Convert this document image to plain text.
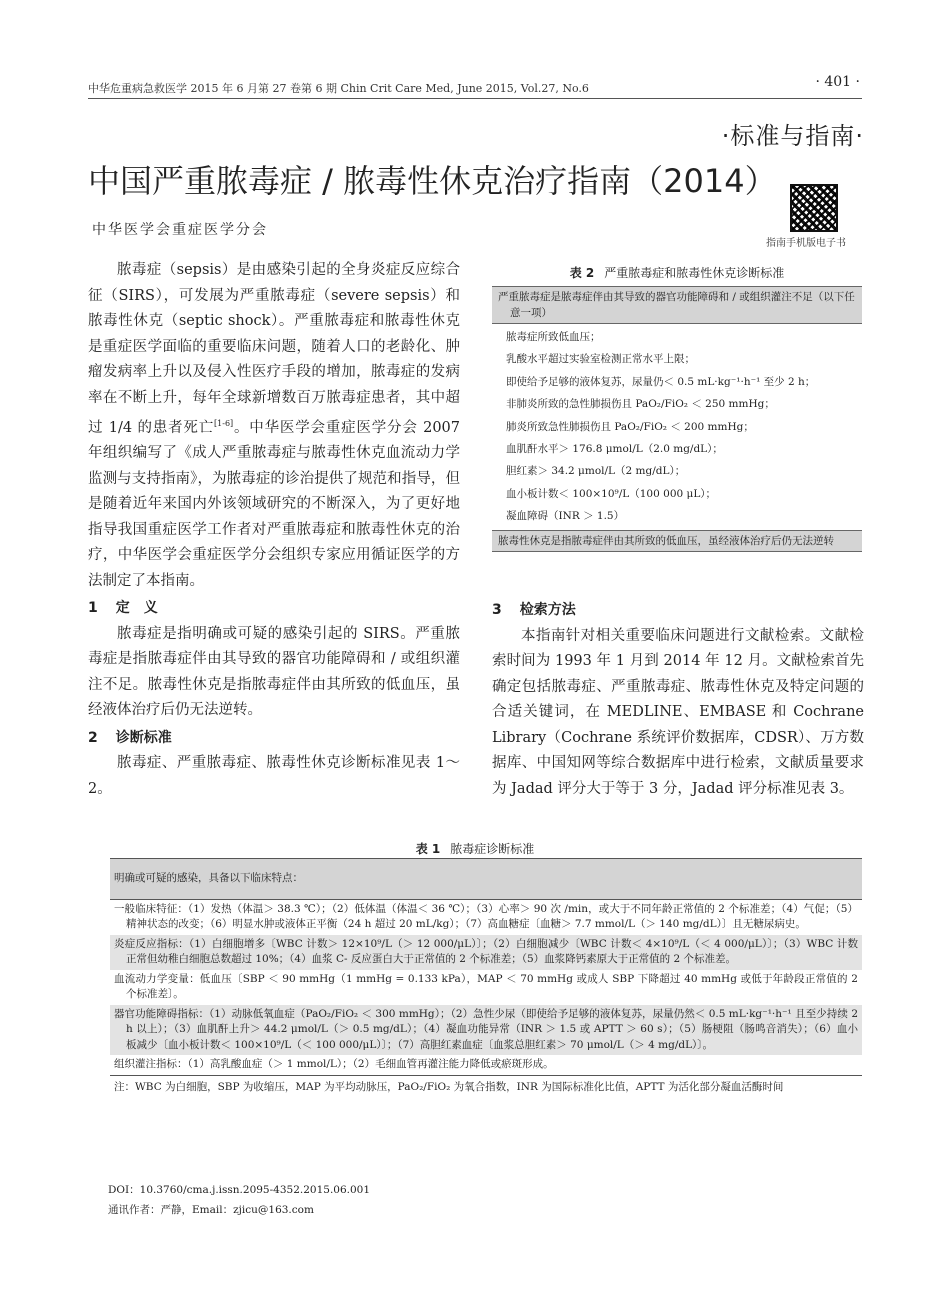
中华危重病急救医学 2015 年 6 月第 27 卷第 6 期 Chin Crit Care Med, June 2015, Vol.27, No.6	· 401 ·
·标准与指南·
中国严重脓毒症 / 脓毒性休克治疗指南（2014）
中华医学会重症医学分会
指南手机版电子书

脓毒症（sepsis）是由感染引起的全身炎症反应综合征（SIRS），可发展为严重脓毒症（severe sepsis）和脓毒性休克（septic shock）。严重脓毒症和脓毒性休克是重症医学面临的重要临床问题，随着人口的老龄化、肿瘤发病率上升以及侵入性医疗手段的增加，脓毒症的发病率在不断上升，每年全球新增数百万脓毒症患者，其中超过 1/4 的患者死亡[1-6]。中华医学会重症医学分会 2007 年组织编写了《成人严重脓毒症与脓毒性休克血流动力学监测与支持指南》，为脓毒症的诊治提供了规范和指导，但是随着近年来国内外该领域研究的不断深入，为了更好地指导我国重症医学工作者对严重脓毒症和脓毒性休克的治疗，中华医学会重症医学分会组织专家应用循证医学的方法制定了本指南。

1 定　义

脓毒症是指明确或可疑的感染引起的 SIRS。严重脓毒症是指脓毒症伴由其导致的器官功能障碍和 / 或组织灌注不足。脓毒性休克是指脓毒症伴由其所致的低血压，虽经液体治疗后仍无法逆转。

2 诊断标准

脓毒症、严重脓毒症、脓毒性休克诊断标准见表 1～2。

表 2 严重脓毒症和脓毒性休克诊断标准
严重脓毒症是脓毒症伴由其导致的器官功能障碍和 / 或组织灌注不足（以下任意一项）
脓毒症所致低血压；
乳酸水平超过实验室检测正常水平上限；
即使给予足够的液体复苏，尿量仍＜ 0.5 mL·kg⁻¹·h⁻¹ 至少 2 h；
非肺炎所致的急性肺损伤且 PaO₂/FiO₂ ＜ 250 mmHg；
肺炎所致急性肺损伤且 PaO₂/FiO₂ ＜ 200 mmHg；
血肌酐水平＞ 176.8 μmol/L（2.0 mg/dL）；
胆红素＞ 34.2 μmol/L（2 mg/dL）；
血小板计数＜ 100×10⁹/L（100 000 μL）；
凝血障碍（INR ＞ 1.5）
脓毒性休克是指脓毒症伴由其所致的低血压，虽经液体治疗后仍无法逆转
3 检索方法

本指南针对相关重要临床问题进行文献检索。文献检索时间为 1993 年 1 月到 2014 年 12 月。文献检索首先确定包括脓毒症、严重脓毒症、脓毒性休克及特定问题的合适关键词，在 MEDLINE、EMBASE 和 Cochrane Library（Cochrane 系统评价数据库，CDSR）、万方数据库、中国知网等综合数据库中进行检索，文献质量要求为 Jadad 评分大于等于 3 分，Jadad 评分标准见表 3。

表 1 脓毒症诊断标准
明确或可疑的感染，具备以下临床特点：
一般临床特征：（1）发热（体温＞ 38.3 ℃）；（2）低体温（体温＜ 36 ℃）；（3）心率＞ 90 次 /min，或大于不同年龄正常值的 2 个标准差；（4）气促；（5）精神状态的改变；（6）明显水肿或液体正平衡（24 h 超过 20 mL/kg）；（7）高血糖症〔血糖＞ 7.7 mmol/L（＞ 140 mg/dL）〕且无糖尿病史。
炎症反应指标：（1）白细胞增多〔WBC 计数＞ 12×10⁹/L（＞ 12 000/μL）〕；（2）白细胞减少〔WBC 计数＜ 4×10⁹/L（＜ 4 000/μL）〕；（3）WBC 计数正常但幼稚白细胞总数超过 10%；（4）血浆 C- 反应蛋白大于正常值的 2 个标准差；（5）血浆降钙素原大于正常值的 2 个标准差。
血流动力学变量：低血压〔SBP ＜ 90 mmHg（1 mmHg = 0.133 kPa），MAP ＜ 70 mmHg 或成人 SBP 下降超过 40 mmHg 或低于年龄段正常值的 2 个标准差〕。
器官功能障碍指标：（1）动脉低氧血症（PaO₂/FiO₂ ＜ 300 mmHg）；（2）急性少尿（即使给予足够的液体复苏，尿量仍然＜ 0.5 mL·kg⁻¹·h⁻¹ 且至少持续 2 h 以上）；（3）血肌酐上升＞ 44.2 μmol/L（＞ 0.5 mg/dL）；（4）凝血功能异常（INR ＞ 1.5 或 APTT ＞ 60 s）；（5）肠梗阻（肠鸣音消失）；（6）血小板减少〔血小板计数＜ 100×10⁹/L（＜ 100 000/μL）〕；（7）高胆红素血症〔血浆总胆红素＞ 70 μmol/L（＞ 4 mg/dL）〕。
组织灌注指标：（1）高乳酸血症（＞ 1 mmol/L）；（2）毛细血管再灌注能力降低或瘀斑形成。
注：WBC 为白细胞，SBP 为收缩压，MAP 为平均动脉压，PaO₂/FiO₂ 为氧合指数，INR 为国际标准化比值，APTT 为活化部分凝血活酶时间
DOI：10.3760/cma.j.issn.2095-4352.2015.06.001
通讯作者：严静，Email：zjicu@163.com
